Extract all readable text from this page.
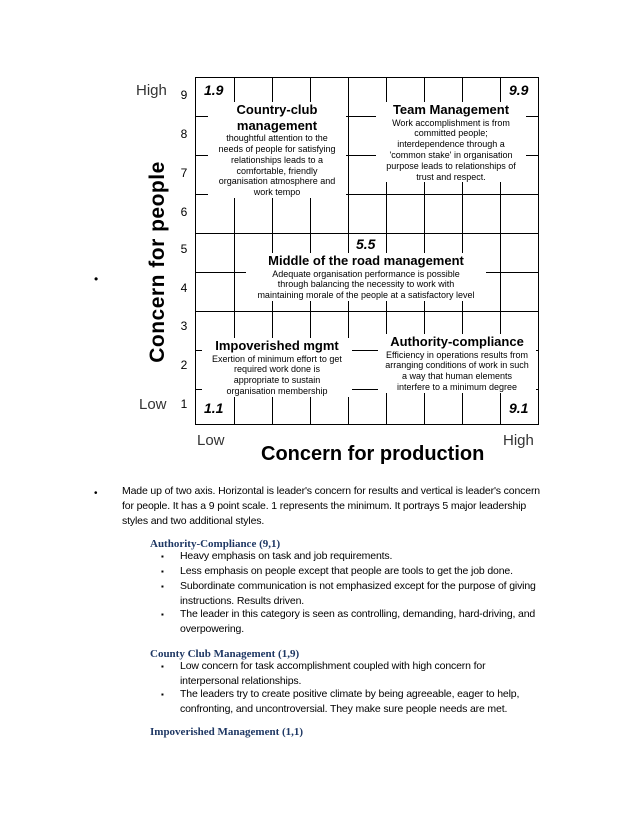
High
Low
Low	High
Concern for people
Concern for production
1
2
3
4
5
6
7
8
9 1.9	9.9
5.5
1.1	9.1
Country-club
management
thoughtful attention to the
needs of people for satisfying
relationships leads to a
comfortable, friendly
organisation atmosphere and
work tempo
Team Management
Work accomplishment is from
committed people;
interdependence through a
'common stake' in organisation
purpose leads to relationships of
trust and respect.
Middle of the road management
Adequate organisation performance is possible
through balancing the necessity to work with
maintaining morale of the people at a satisfactory level
Impoverished mgmt
Exertion of minimum effort to get
required work done is
appropriate to sustain
organisation membership
Authority-compliance
Efficiency in operations results from
arranging conditions of work in such
a way that human elements
interfere to a minimum degree
•
• Made up of two axis. Horizontal is leader's concern for results and vertical is leader's concern
for people. It has a 9 point scale. 1 represents the minimum. It portrays 5 major leadership
styles and two additional styles.
Authority-Compliance (9,1)
▪ Heavy emphasis on task and job requirements.
▪ Less emphasis on people except that people are tools to get the job done.
▪ Subordinate communication is not emphasized except for the purpose of giving
instructions. Results driven.
▪ The leader in this category is seen as controlling, demanding, hard-driving, and
overpowering.
County Club Management (1,9)
▪ Low concern for task accomplishment coupled with high concern for
interpersonal relationships.
▪ The leaders try to create positive climate by being agreeable, eager to help,
confronting, and uncontroversial. They make sure people needs are met.
Impoverished Management (1,1)
